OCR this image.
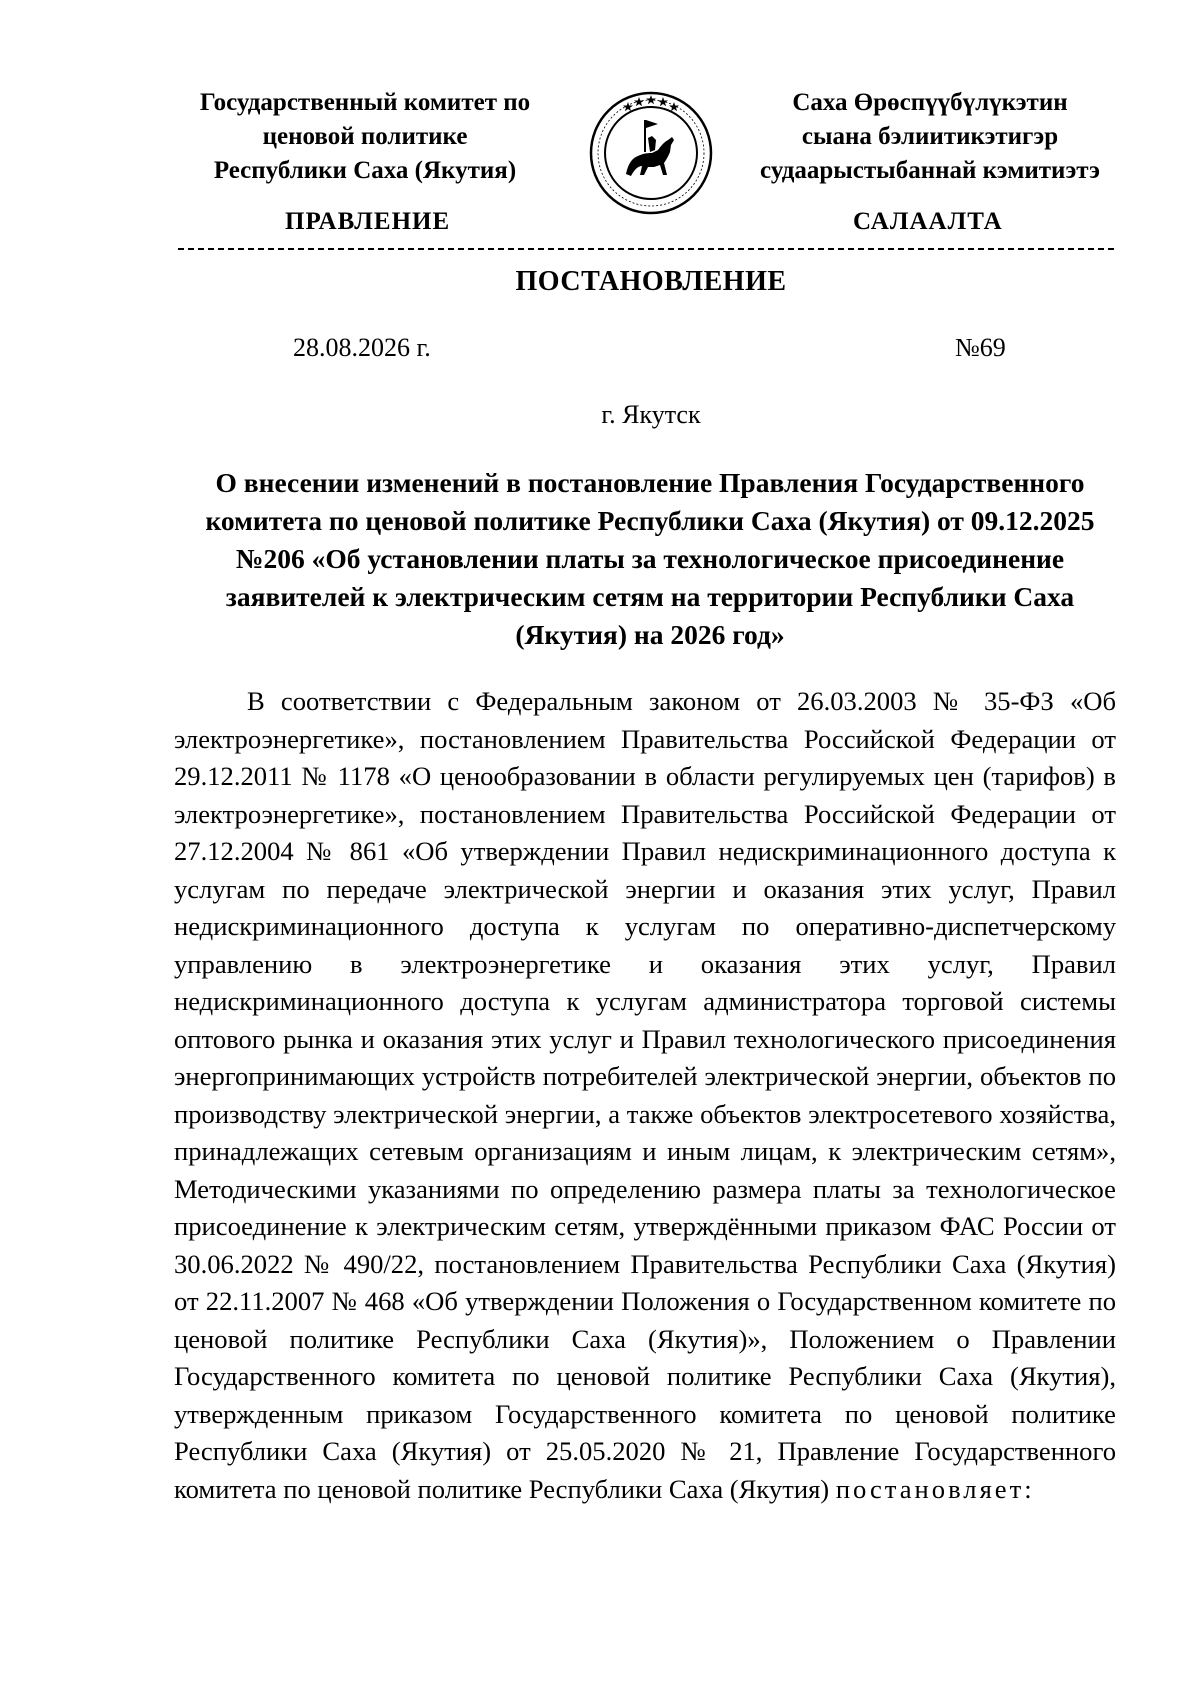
Государственный комитет по
ценовой политике
Республики Саха (Якутия)
Саха Өрөспүүбүлүкэтин
сыана бэлиитикэтигэр
судаарыстыбаннай кэмитиэтэ
ПРАВЛЕНИЕ	САЛААЛТА
ПОСТАНОВЛЕНИЕ
28.08.2026 г.	№69
г. Якутск
О внесении изменений в постановление Правления Государственного комитета по ценовой политике Республики Саха (Якутия) от 09.12.2025 №206 «Об установлении платы за технологическое присоединение заявителей к электрическим сетям на территории Республики Саха (Якутия) на 2026 год»
В соответствии с Федеральным законом от 26.03.2003 № 35-ФЗ «Об электроэнергетике», постановлением Правительства Российской Федерации от 29.12.2011 № 1178 «О ценообразовании в области регулируемых цен (тарифов) в электроэнергетике», постановлением Правительства Российской Федерации от 27.12.2004 № 861 «Об утверждении Правил недискриминационного доступа к услугам по передаче электрической энергии и оказания этих услуг, Правил недискриминационного доступа к услугам по оперативно-диспетчерскому управлению в электроэнергетике и оказания этих услуг, Правил недискриминационного доступа к услугам администратора торговой системы оптового рынка и оказания этих услуг и Правил технологического присоединения энергопринимающих устройств потребителей электрической энергии, объектов по производству электрической энергии, а также объектов электросетевого хозяйства, принадлежащих сетевым организациям и иным лицам, к электрическим сетям», Методическими указаниями по определению размера платы за технологическое присоединение к электрическим сетям, утверждёнными приказом ФАС России от 30.06.2022 № 490/22, постановлением Правительства Республики Саха (Якутия) от 22.11.2007 № 468 «Об утверждении Положения о Государственном комитете по ценовой политике Республики Саха (Якутия)», Положением о Правлении Государственного комитета по ценовой политике Республики Саха (Якутия), утвержденным приказом Государственного комитета по ценовой политике Республики Саха (Якутия) от 25.05.2020 № 21, Правление Государственного комитета по ценовой политике Республики Саха (Якутия) постановляет:
